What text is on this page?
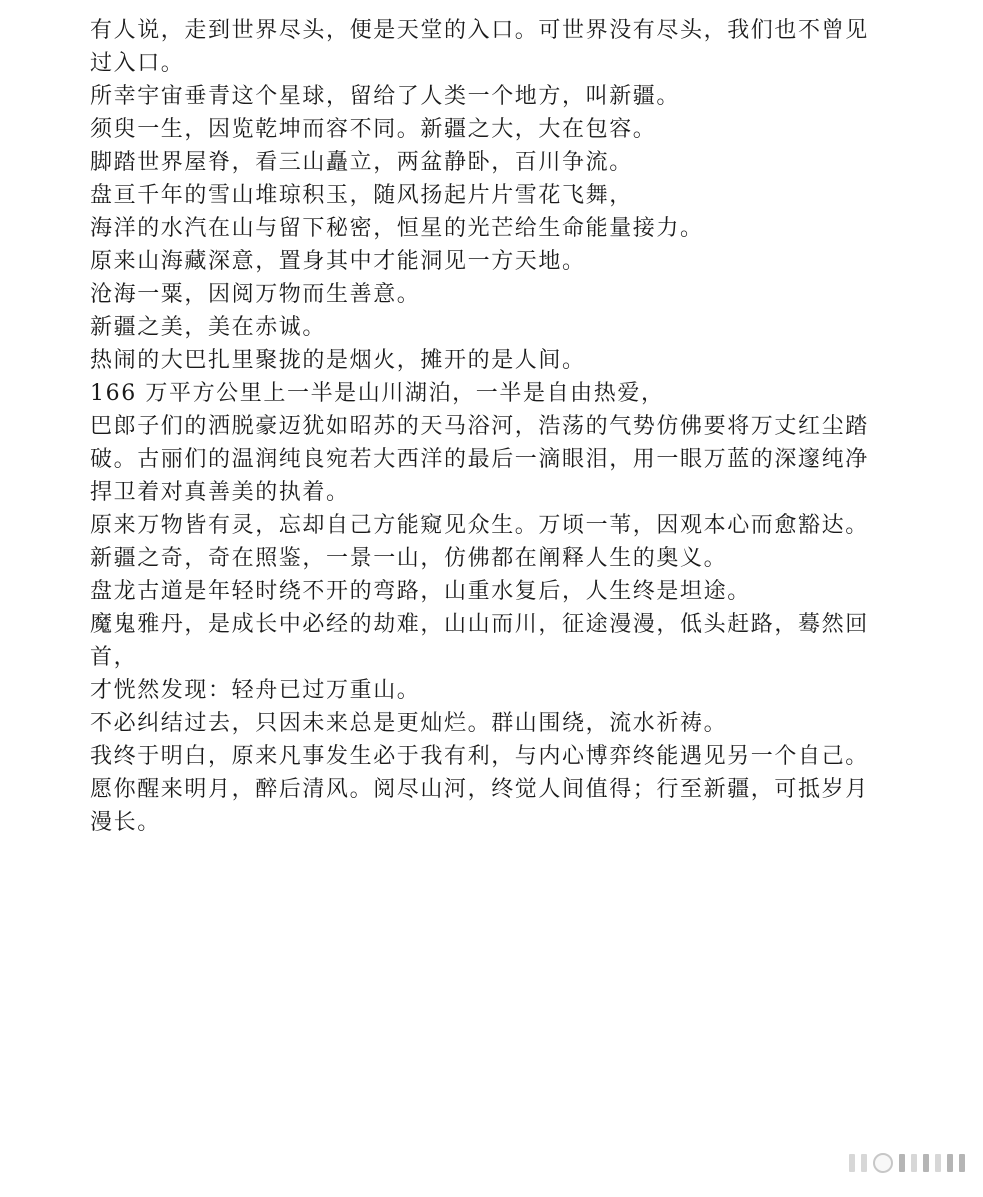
有人说，走到世界尽头，便是天堂的入口。可世界没有尽头，我们也不曾见过入口。

所幸宇宙垂青这个星球，留给了人类一个地方，叫新疆。

须臾一生，因览乾坤而容不同。新疆之大，大在包容。

脚踏世界屋脊，看三山矗立，两盆静卧，百川争流。

盘亘千年的雪山堆琼积玉，随风扬起片片雪花飞舞，

海洋的水汽在山与留下秘密，恒星的光芒给生命能量接力。

原来山海藏深意，置身其中才能洞见一方天地。

沧海一粟，因阅万物而生善意。

新疆之美，美在赤诚。

热闹的大巴扎里聚拢的是烟火，摊开的是人间。

166 万平方公里上一半是山川湖泊，一半是自由热爱，

巴郎子们的洒脱豪迈犹如昭苏的天马浴河，浩荡的气势仿佛要将万丈红尘踏破。古丽们的温润纯良宛若大西洋的最后一滴眼泪，用一眼万蓝的深邃纯净捍卫着对真善美的执着。

原来万物皆有灵，忘却自己方能窥见众生。万顷一苇，因观本心而愈豁达。

新疆之奇，奇在照鉴，一景一山，仿佛都在阐释人生的奥义。

盘龙古道是年轻时绕不开的弯路，山重水复后，人生终是坦途。

魔鬼雅丹，是成长中必经的劫难，山山而川，征途漫漫，低头赶路，蓦然回首，

才恍然发现：轻舟已过万重山。

不必纠结过去，只因未来总是更灿烂。群山围绕，流水祈祷。

我终于明白，原来凡事发生必于我有利，与内心博弈终能遇见另一个自己。

愿你醒来明月，醉后清风。阅尽山河，终觉人间值得；行至新疆，可抵岁月漫长。
